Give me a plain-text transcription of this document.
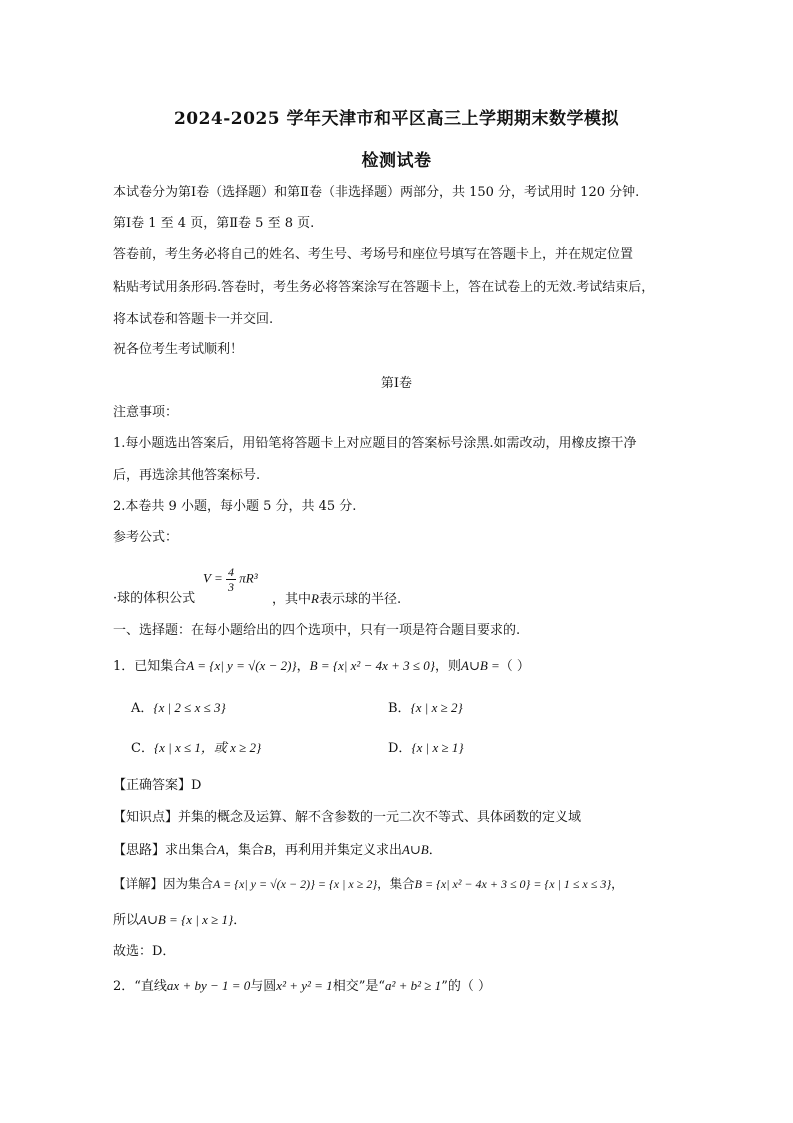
2024-2025 学年天津市和平区高三上学期期末数学模拟
检测试卷
本试卷分为第Ⅰ卷（选择题）和第Ⅱ卷（非选择题）两部分，共 150 分，考试用时 120 分钟.
第Ⅰ卷 1 至 4 页，第Ⅱ卷 5 至 8 页.
答卷前，考生务必将自己的姓名、考生号、考场号和座位号填写在答题卡上，并在规定位置
粘贴考试用条形码.答卷时，考生务必将答案涂写在答题卡上，答在试卷上的无效.考试结束后，
将本试卷和答题卡一并交回.
祝各位考生考试顺利！
第Ⅰ卷
注意事项：
1.每小题选出答案后，用铅笔将答题卡上对应题目的答案标号涂黑.如需改动，用橡皮擦干净
后，再选涂其他答案标号.
2.本卷共 9 小题，每小题 5 分，共 45 分.
参考公式：
$V = \frac{4}{3} \pi R^3$
·球的体积公式	，其中R表示球的半径.
一、选择题：在每小题给出的四个选项中，只有一项是符合题目要求的.
1．已知集合A = {x| y = √(x − 2)}，B = {x| x² − 4x + 3 ≤ 0}，则A∪B =（ ）
A．{x | 2 ≤ x ≤ 3}	B．{x | x ≥ 2}
C．{x | x ≤ 1，或 x ≥ 2}	D．{x | x ≥ 1}
【正确答案】D
【知识点】并集的概念及运算、解不含参数的一元二次不等式、具体函数的定义域
【思路】求出集合A，集合B，再利用并集定义求出A∪B．
【详解】因为集合A = {x| y = √(x − 2)} = {x | x ≥ 2}，集合B = {x| x² − 4x + 3 ≤ 0} = {x | 1 ≤ x ≤ 3}，
所以A∪B = {x | x ≥ 1}．
故选：D．
2．“直线ax + by − 1 = 0与圆x² + y² = 1相交”是“a² + b² ≥ 1”的（ ）
